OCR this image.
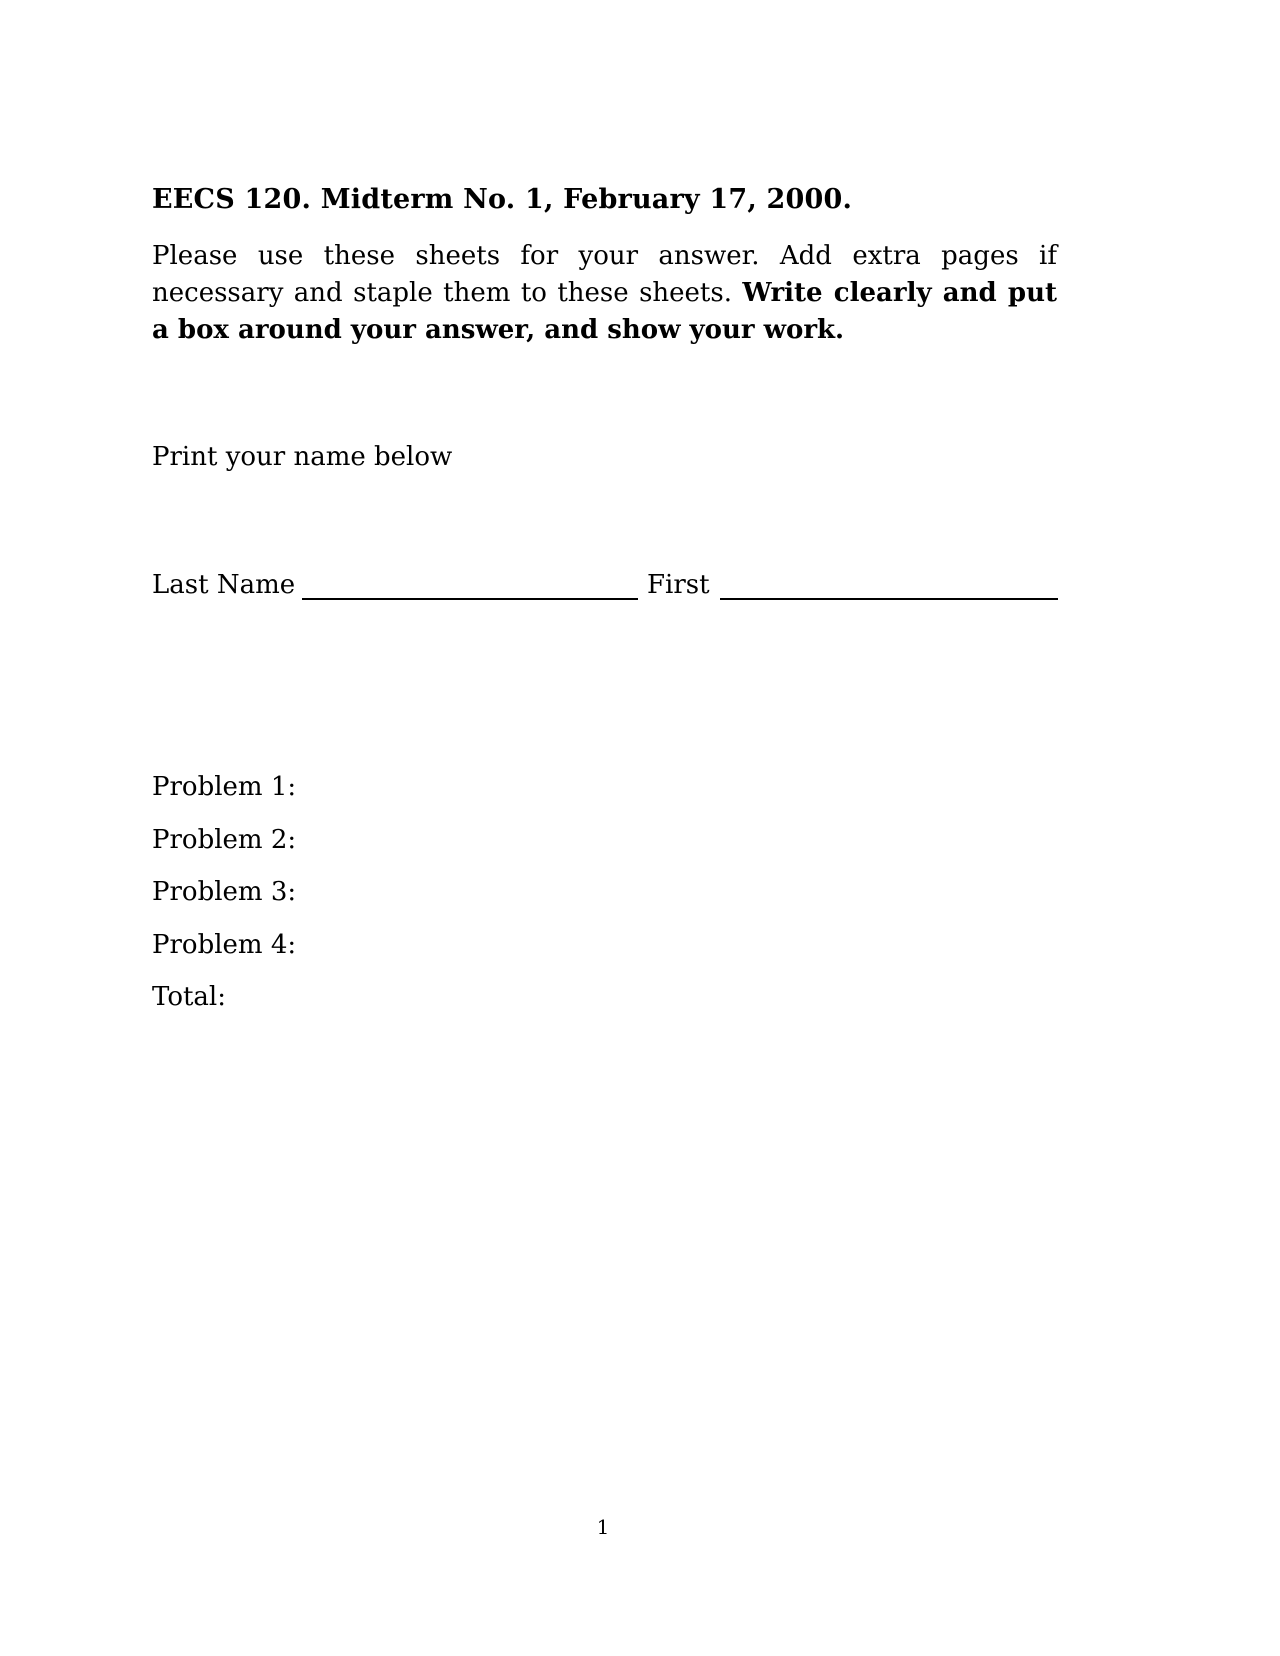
EECS 120. Midterm No. 1, February 17, 2000.
Please use these sheets for your answer. Add extra pages if necessary and staple them to these sheets. Write clearly and put a box around your answer, and show your work.
Print your name below
Last Name	First
Problem 1:
Problem 2:
Problem 3:
Problem 4:
Total:
1
